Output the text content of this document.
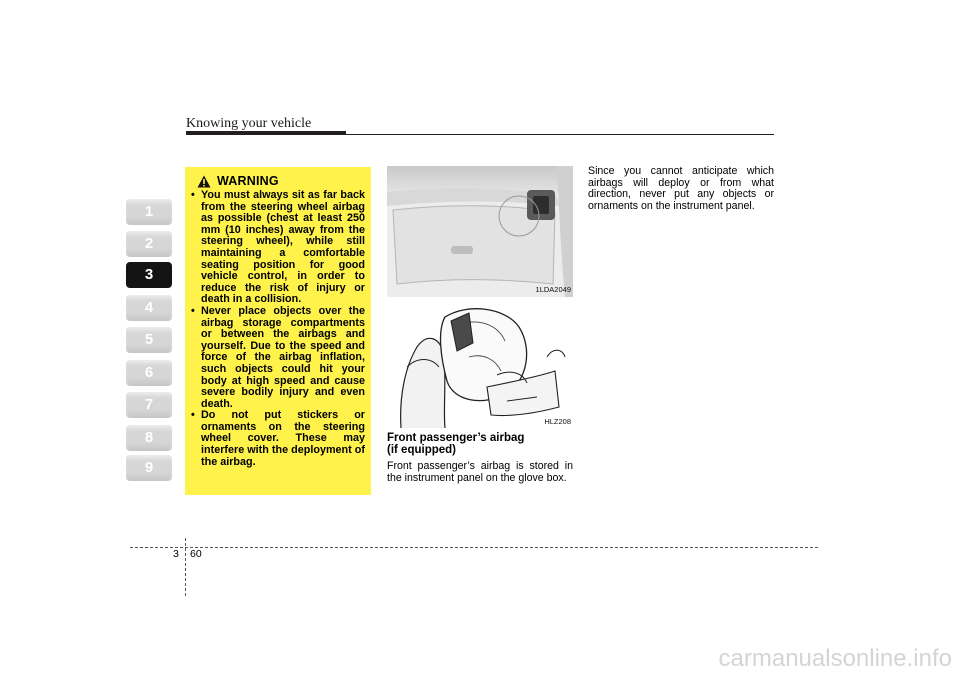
Knowing your vehicle
1
2
3
4
5
6
7
8
9
WARNING
• You must always sit as far back from the steering wheel airbag as possible (chest at least 250 mm (10 inches) away from the steering wheel), while still maintaining a comfortable seating position for good vehicle control, in order to reduce the risk of injury or death in a collision.
• Never place objects over the airbag storage compartments or between the airbags and yourself. Due to the speed and force of the airbag inflation, such objects could hit your body at high speed and cause severe bodily injury and even death.
• Do not put stickers or ornaments on the steering wheel cover. These may interfere with the deployment of the airbag.
1LDA2049
HLZ208
Front passenger’s airbag
(if equipped)
Front passenger’s airbag is stored in the instrument panel on the glove box.
Since you cannot anticipate which airbags will deploy or from what direction, never put any objects or ornaments on the instrument panel.
3 60
carmanualsonline.info
